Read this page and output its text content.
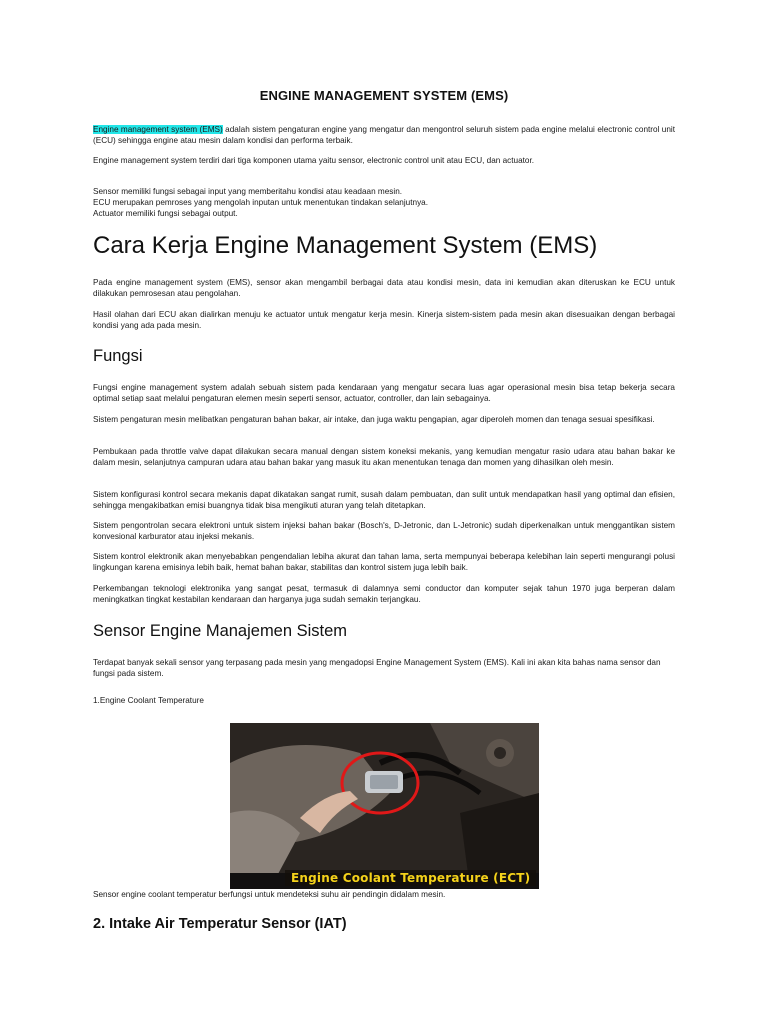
ENGINE MANAGEMENT SYSTEM (EMS)
Engine management system (EMS) adalah sistem pengaturan engine yang mengatur dan mengontrol seluruh sistem pada engine melalui electronic control unit (ECU) sehingga engine atau mesin dalam kondisi dan performa terbaik.
Engine management system terdiri dari tiga komponen utama yaitu sensor, electronic control unit atau ECU, dan actuator.
Sensor memiliki fungsi sebagai input yang memberitahu kondisi atau keadaan mesin.
ECU merupakan pemroses yang mengolah inputan untuk menentukan tindakan selanjutnya.
Actuator memiliki fungsi sebagai output.
Cara Kerja Engine Management System (EMS)
Pada engine management system (EMS), sensor akan mengambil berbagai data atau kondisi mesin, data ini kemudian akan diteruskan ke ECU untuk dilakukan pemrosesan atau pengolahan.
Hasil olahan dari ECU akan dialirkan menuju ke actuator untuk mengatur kerja mesin. Kinerja sistem-sistem pada mesin akan disesuaikan dengan berbagai kondisi yang ada pada mesin.
Fungsi
Fungsi engine management system adalah sebuah sistem pada kendaraan yang mengatur secara luas agar operasional mesin bisa tetap bekerja secara optimal setiap saat melalui pengaturan elemen mesin seperti sensor, actuator, controller, dan lain sebagainya.
Sistem pengaturan mesin melibatkan pengaturan bahan bakar, air intake, dan juga waktu pengapian, agar diperoleh momen dan tenaga sesuai spesifikasi.
Pembukaan pada throttle valve dapat dilakukan secara manual dengan sistem koneksi mekanis, yang kemudian mengatur rasio udara atau bahan bakar ke dalam mesin, selanjutnya campuran udara atau bahan bakar yang masuk itu akan menentukan tenaga dan momen yang dihasilkan oleh mesin.
Sistem konfigurasi kontrol secara mekanis dapat dikatakan sangat rumit, susah dalam pembuatan, dan sulit untuk mendapatkan hasil yang optimal dan efisien, sehingga mengakibatkan emisi buangnya tidak bisa mengikuti aturan yang telah ditetapkan.
Sistem pengontrolan secara elektroni untuk sistem injeksi bahan bakar (Bosch's, D-Jetronic, dan L-Jetronic) sudah diperkenalkan untuk menggantikan sistem konvesional karburator atau injeksi mekanis.
Sistem kontrol elektronik akan menyebabkan pengendalian lebiha akurat dan tahan lama, serta mempunyai beberapa kelebihan lain seperti mengurangi polusi lingkungan karena emisinya lebih baik, hemat bahan bakar, stabilitas dan kontrol sistem juga lebih baik.
Perkembangan teknologi elektronika yang sangat pesat, termasuk di dalamnya semi conductor dan komputer sejak tahun 1970 juga berperan dalam meningkatkan tingkat kestabilan kendaraan dan harganya juga sudah semakin terjangkau.
Sensor Engine Manajemen Sistem
Terdapat banyak sekali sensor yang terpasang pada mesin yang mengadopsi Engine Management System (EMS). Kali ini akan kita bahas nama sensor dan fungsi pada sistem.
1.Engine Coolant Temperature
Engine Coolant Temperature (ECT)
Sensor engine coolant temperatur berfungsi untuk mendeteksi suhu air pendingin didalam mesin.
2. Intake Air Temperatur Sensor (IAT)
